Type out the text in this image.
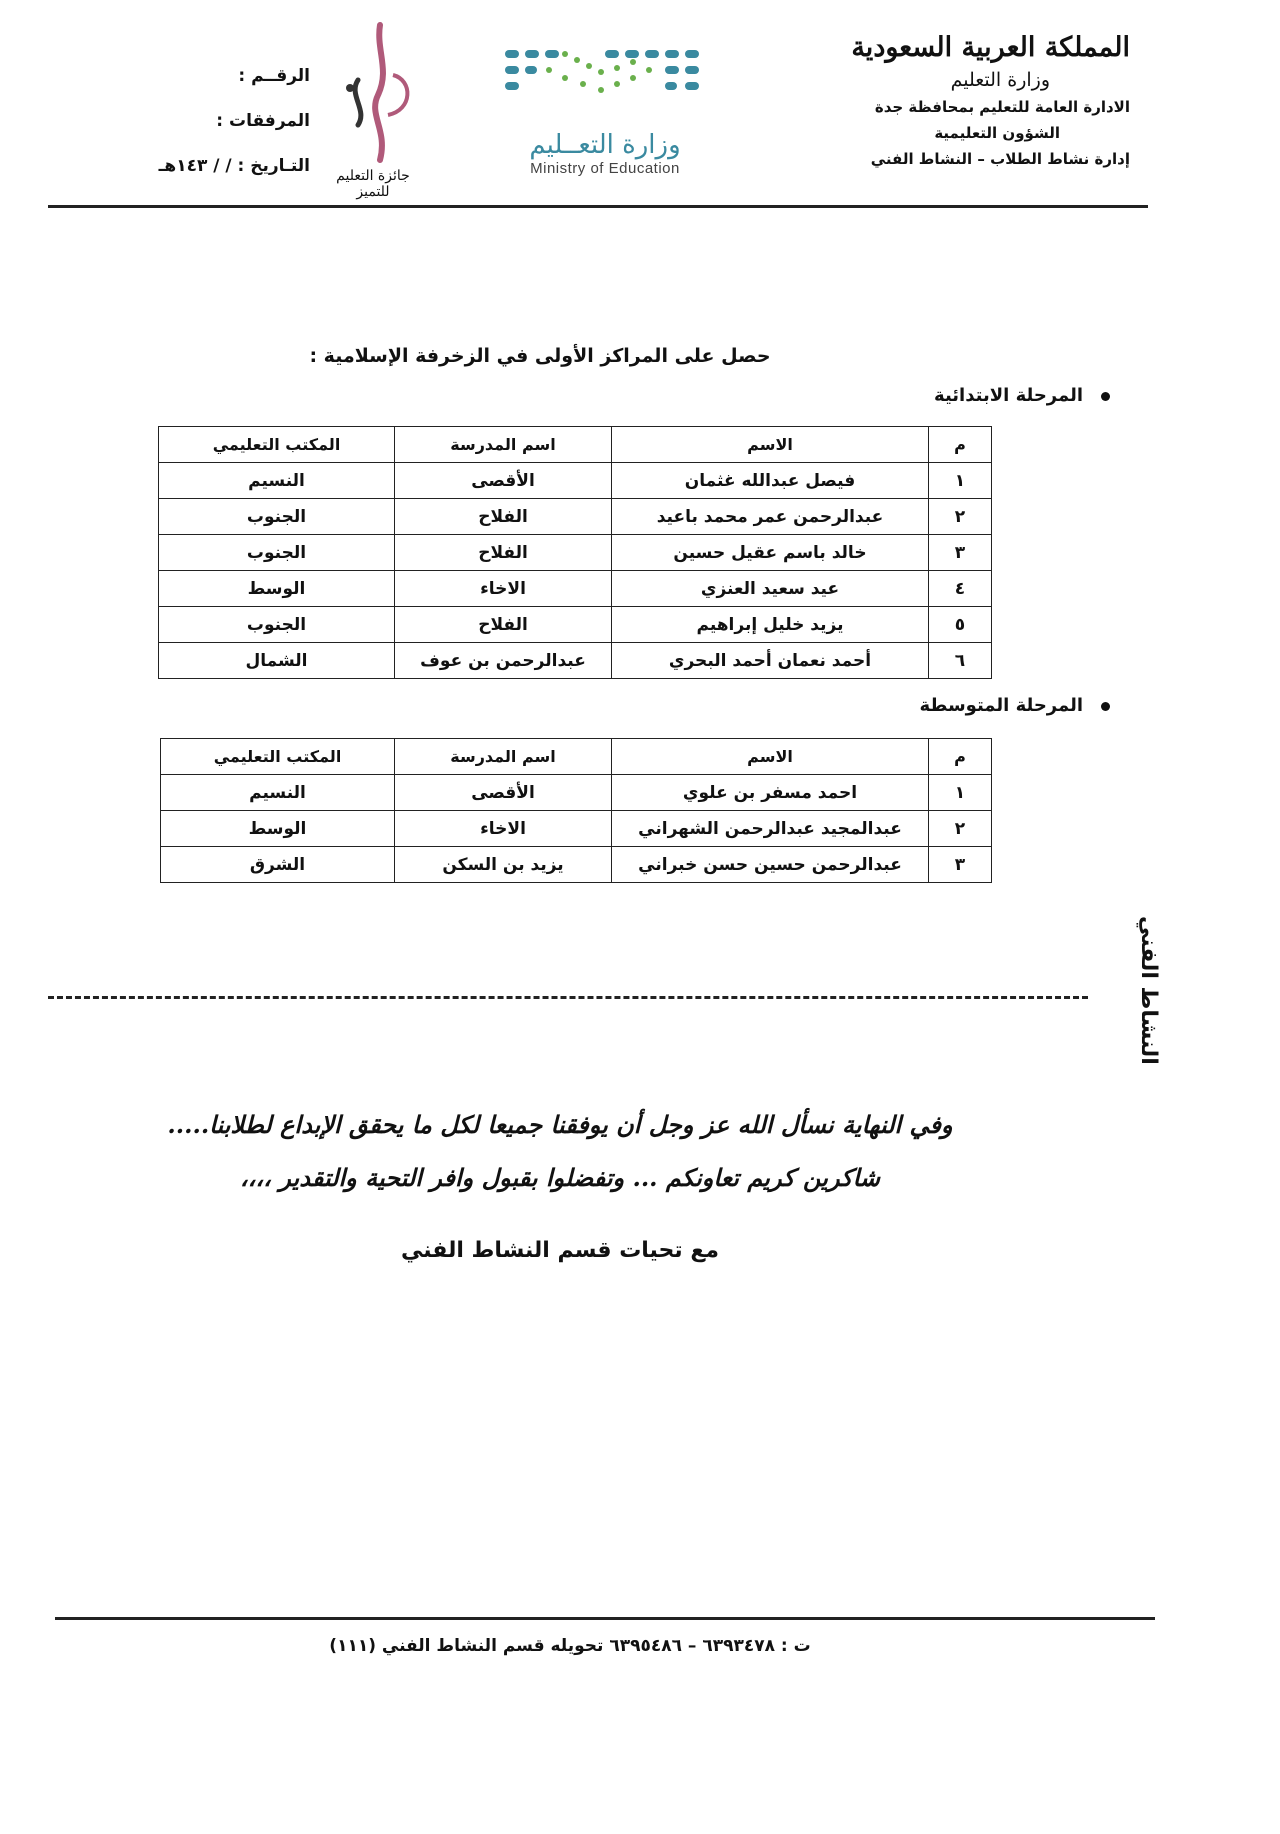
المملكة العربية السعودية
وزارة التعليم
الادارة العامة للتعليم بمحافظة جدة
الشؤون التعليمية
إدارة نشاط الطلاب – النشاط الفني
وزارة التعــليم
Ministry of Education
جائزة التعليم للتميز
الرقــم :
المرفقات :
التـاريخ : / / ١٤٣هـ
حصل على المراكز الأولى في الزخرفة الإسلامية :
المرحلة الابتدائية
م	الاسم	اسم المدرسة	المكتب التعليمي
١	فيصل عبدالله غثمان	الأقصى	النسيم
٢	عبدالرحمن عمر محمد باعيد	الفلاح	الجنوب
٣	خالد باسم عقيل حسين	الفلاح	الجنوب
٤	عيد سعيد العنزي	الاخاء	الوسط
٥	يزيد خليل إبراهيم	الفلاح	الجنوب
٦	أحمد نعمان أحمد البحري	عبدالرحمن بن عوف	الشمال
المرحلة المتوسطة
م	الاسم	اسم المدرسة	المكتب التعليمي
١	احمد مسفر بن علوي	الأقصى	النسيم
٢	عبدالمجيد عبدالرحمن الشهراني	الاخاء	الوسط
٣	عبدالرحمن حسين حسن خبراني	يزيد بن السكن	الشرق
النشاط الفني
وفي النهاية نسأل الله عز وجل أن يوفقنا جميعا لكل ما يحقق الإبداع لطلابنا.....
شاكرين كريم تعاونكم ... وتفضلوا بقبول وافر التحية والتقدير ،،،،
مع تحيات قسم النشاط الفني
ت : ٦٣٩٣٤٧٨ – ٦٣٩٥٤٨٦ تحويله قسم النشاط الفني (١١١)
